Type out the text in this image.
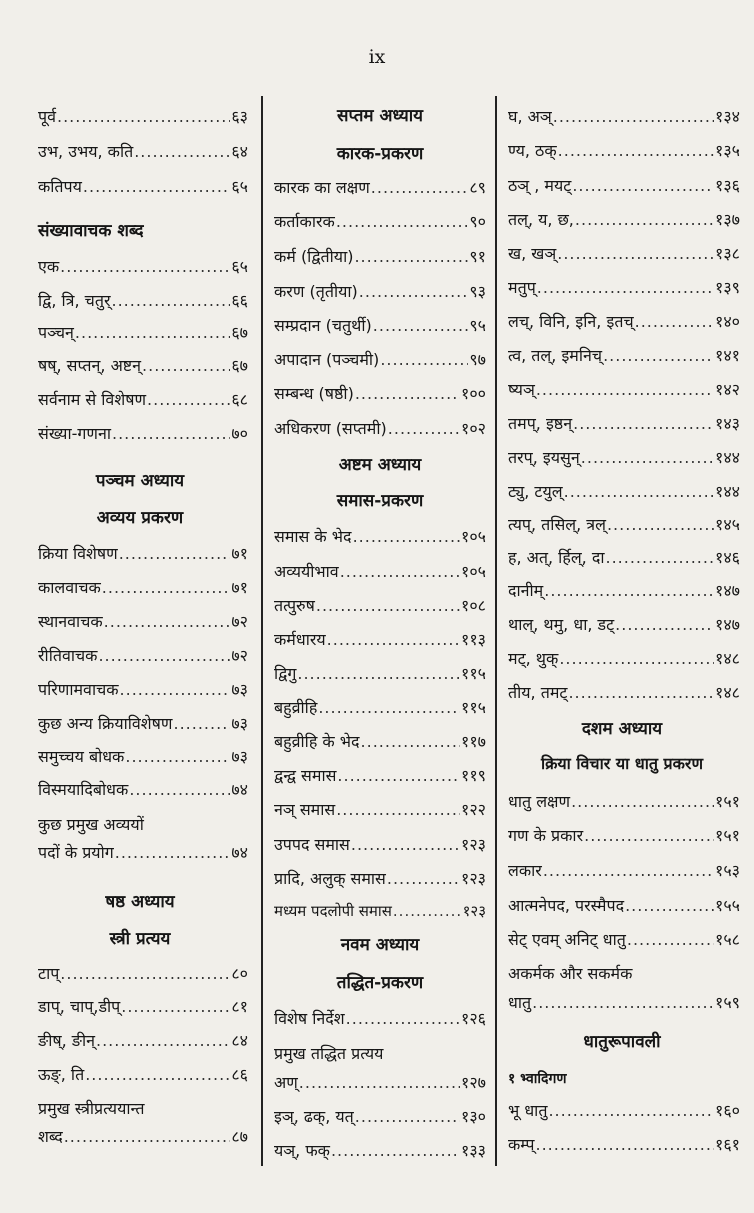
ix
पूर्व .....	६३
उभ, उभय, कति .....	६४
कतिपय .....	६५
संख्यावाचक शब्द
एक .....	६५
द्वि, त्रि, चतुर् .....	६६
पञ्चन् .....	६७
षष्, सप्तन्, अष्टन् .....	६७
सर्वनाम से विशेषण .....	६८
संख्या-गणना .....	७०
पञ्चम अध्याय
अव्यय प्रकरण
क्रिया विशेषण .....	७१
कालवाचक .....	७१
स्थानवाचक .....	७२
रीतिवाचक .....	७२
परिणामवाचक .....	७३
कुछ अन्य क्रियाविशेषण .....	७३
समुच्चय बोधक .....	७३
विस्मयादिबोधक .....	७४
कुछ प्रमुख अव्ययों
पदों के प्रयोग .....	७४
षष्ठ अध्याय
स्त्री प्रत्यय
टाप् .....	८०
डाप्, चाप्,डीप् .....	८१
ङीष्, ङीन् .....	८४
ऊङ्, ति .....	८६
प्रमुख स्त्रीप्रत्ययान्त
शब्द .....	८७
सप्तम अध्याय
कारक-प्रकरण
कारक का लक्षण .....	८९
कर्ताकारक .....	९०
कर्म (द्वितीया) .....	९१
करण (तृतीया) .....	९३
सम्प्रदान (चतुर्थी) .....	९५
अपादान (पञ्चमी) .....	९७
सम्बन्ध (षष्ठी) .....	१००
अधिकरण (सप्तमी) .....	१०२
अष्टम अध्याय
समास-प्रकरण
समास के भेद .....	१०५
अव्ययीभाव .....	१०५
तत्पुरुष .....	१०८
कर्मधारय .....	११३
द्विगु .....	११५
बहुव्रीहि .....	११५
बहुव्रीहि के भेद .....	११७
द्वन्द्व समास .....	११९
नञ् समास .....	१२२
उपपद समास .....	१२३
प्रादि, अलुक् समास .....	१२३
मध्यम पदलोपी समास .....	१२३
नवम अध्याय
तद्धित-प्रकरण
विशेष निर्देश .....	१२६
प्रमुख तद्धित प्रत्यय
अण् .....	१२७
इञ्, ढक्, यत् .....	१३०
यञ्, फक् .....	१३३
घ, अञ् .....	१३४
ण्य, ठक् .....	१३५
ठञ् , मयट् .....	१३६
तल्, य, छ, .....	१३७
ख, खञ् .....	१३८
मतुप् .....	१३९
लच्, विनि, इनि, इतच् .....	१४०
त्व, तल्, इमनिच् .....	१४१
ष्यञ् .....	१४२
तमप्, इष्ठन् .....	१४३
तरप्, इयसुन् .....	१४४
ट्यु, टयुल् .....	१४४
त्यप्, तसिल्, त्रल् .....	१४५
ह, अत्, र्हिल्, दा .....	१४६
दानीम् .....	१४७
थाल्, थमु, धा, डट् .....	१४७
मट्, थुक् .....	१४८
तीय, तमट् .....	१४८
दशम अध्याय
क्रिया विचार या धातु प्रकरण
धातु लक्षण .....	१५१
गण के प्रकार .....	१५१
लकार .....	१५३
आत्मनेपद, परस्मैपद .....	१५५
सेट् एवम् अनिट् धातु .....	१५८
अकर्मक और सकर्मक
धातु .....	१५९
धातुरूपावली
१ भ्वादिगण
भू धातु .....	१६०
कम्प् .....	१६१
